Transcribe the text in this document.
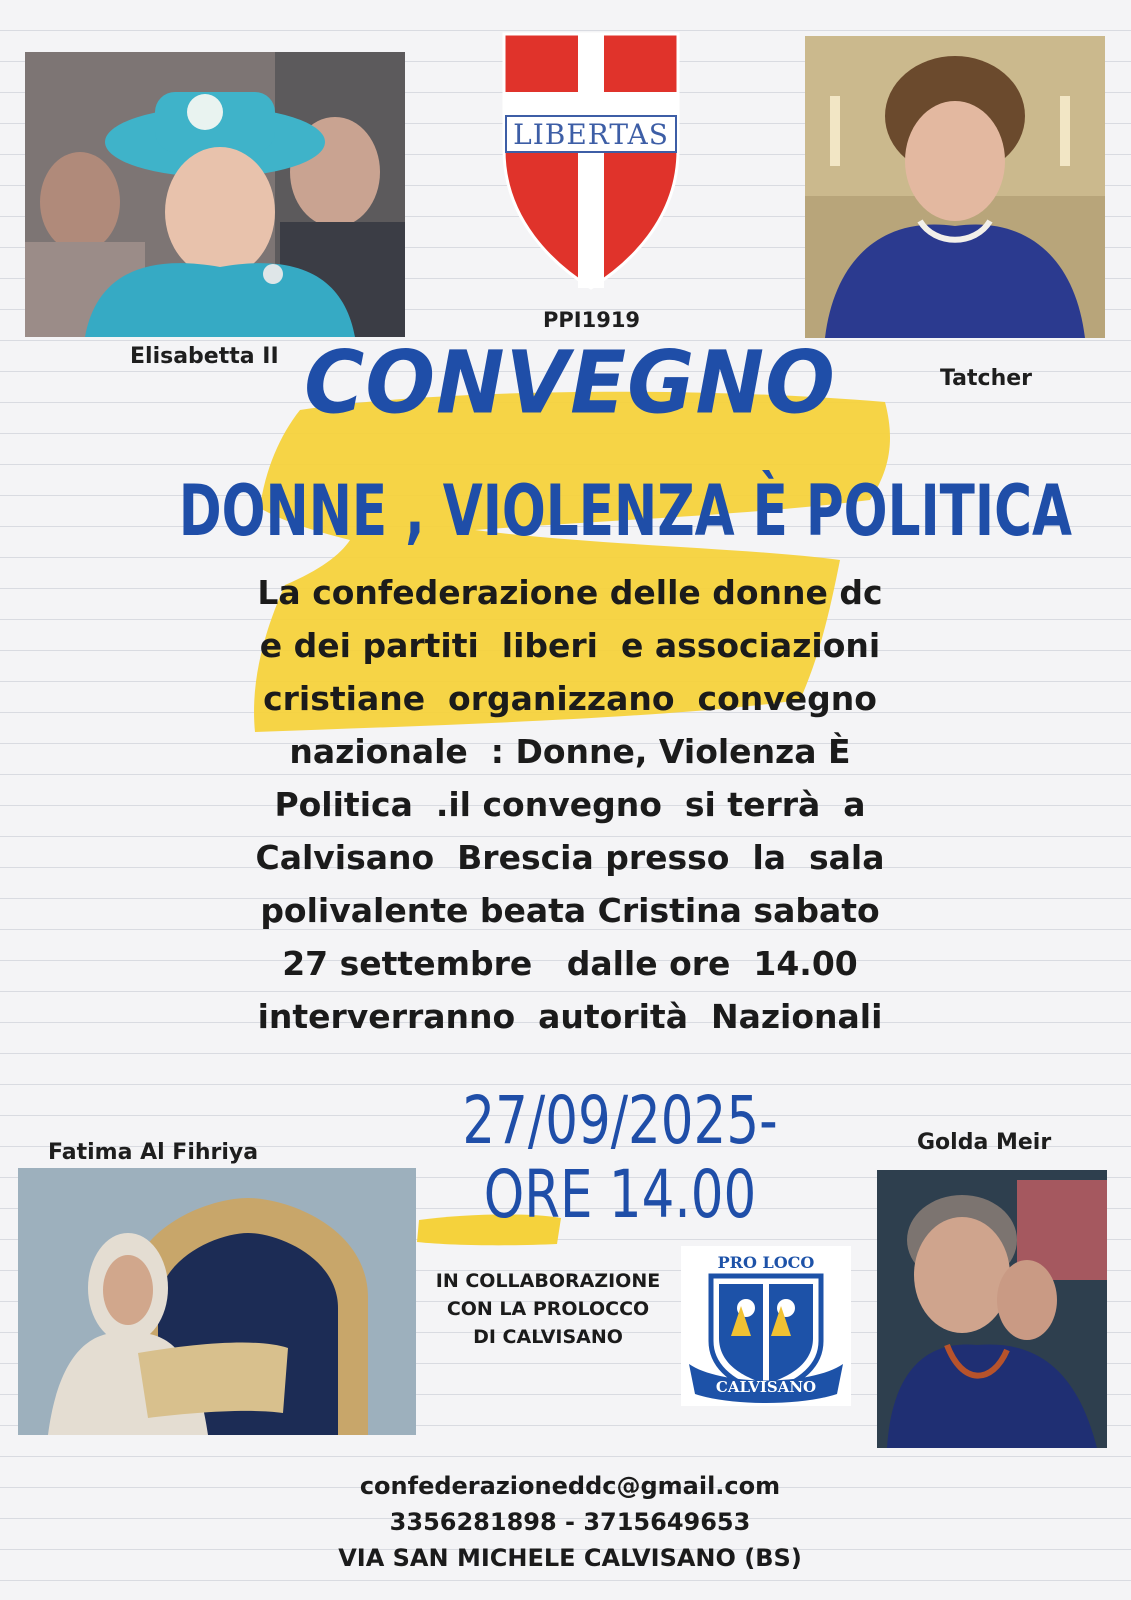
Elisabetta II
Tatcher
LIBERTAS
PPI1919
CONVEGNO
DONNE , VIOLENZA È POLITICA
La confederazione delle donne dc
e dei partiti  liberi  e associazioni
cristiane  organizzano  convegno
nazionale  : Donne, Violenza È
Politica  .il convegno  si terrà  a
Calvisano  Brescia presso  la  sala
polivalente beata Cristina sabato
27 settembre   dalle ore  14.00
interverranno  autorità  Nazionali
27/09/2025-
ORE 14.00
Fatima Al Fihriya
IN COLLABORAZIONE
CON LA PROLOCCO
DI CALVISANO
PRO LOCO
CALVISANO
Golda Meir
confederazioneddc@gmail.com
3356281898 - 3715649653
VIA SAN MICHELE CALVISANO (BS)
